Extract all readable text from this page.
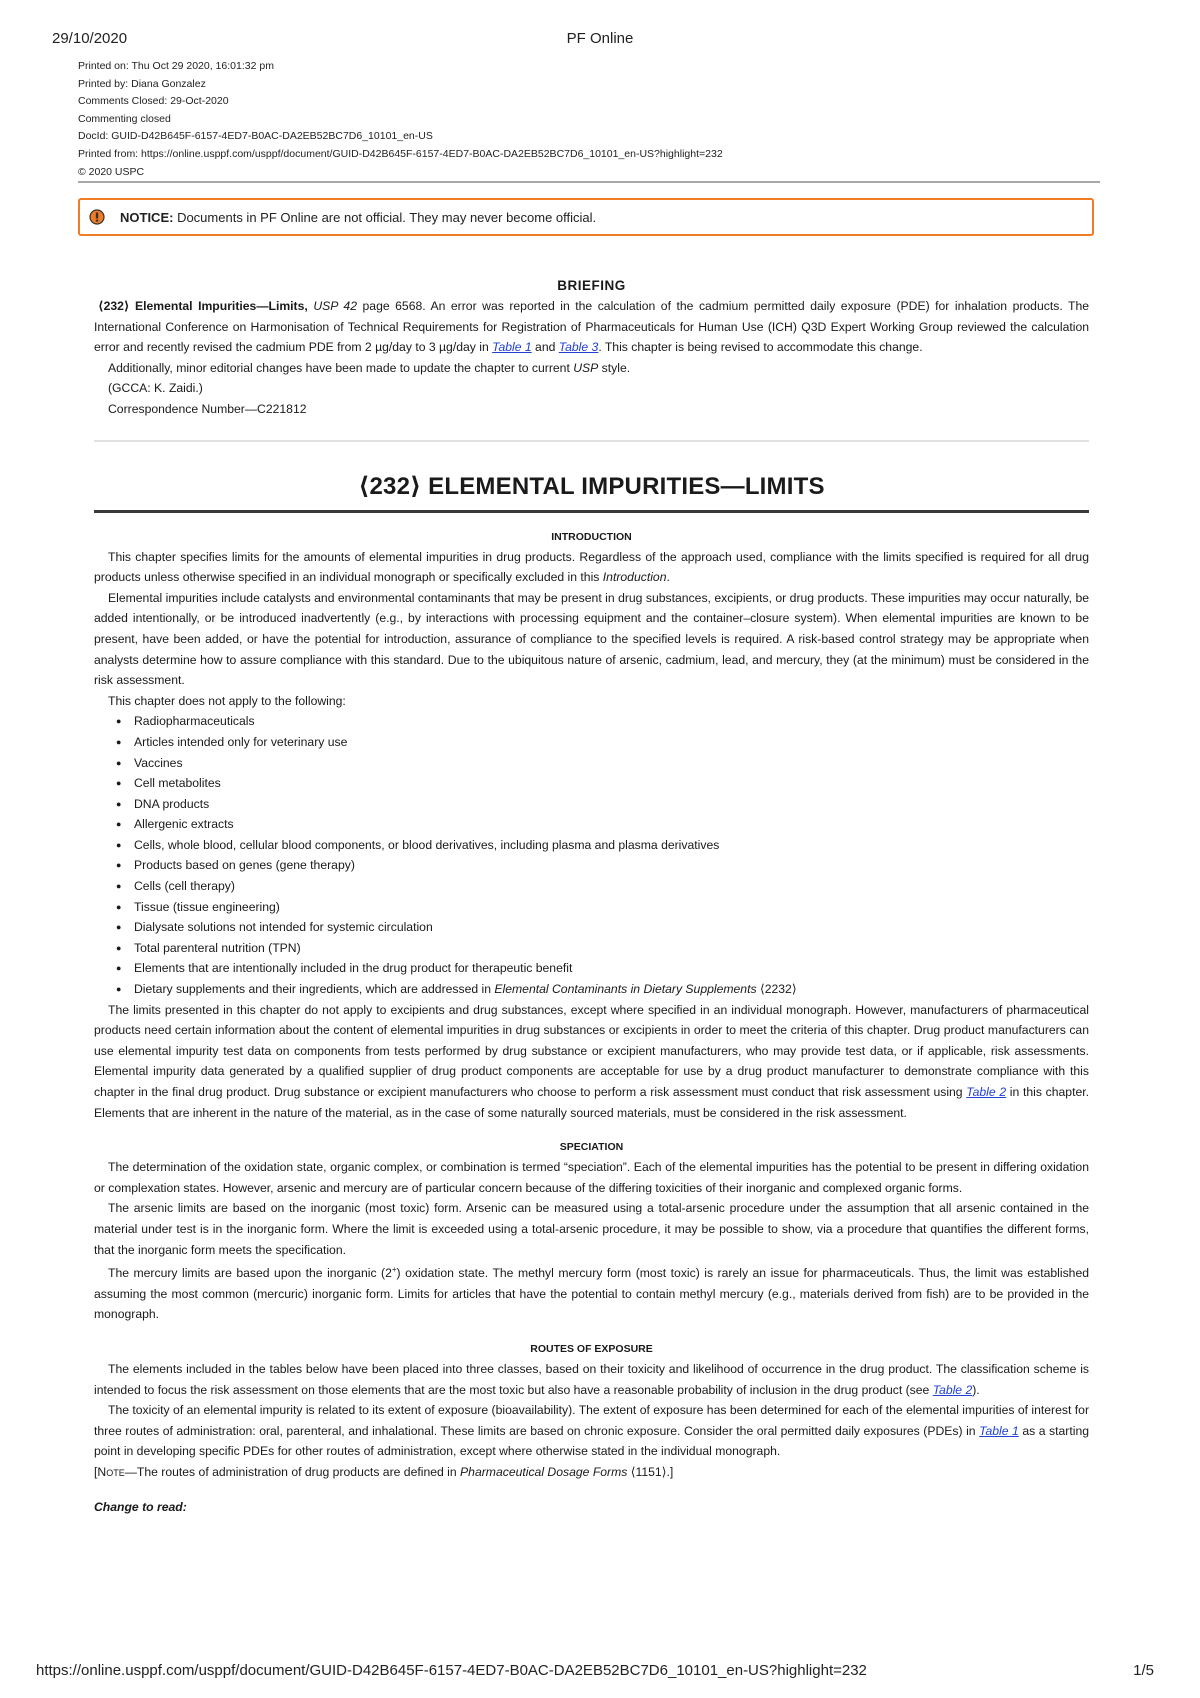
29/10/2020	PF Online
Printed on: Thu Oct 29 2020, 16:01:32 pm
Printed by: Diana Gonzalez
Comments Closed: 29-Oct-2020
Commenting closed
DocId: GUID-D42B645F-6157-4ED7-B0AC-DA2EB52BC7D6_10101_en-US
Printed from: https://online.usppf.com/usppf/document/GUID-D42B645F-6157-4ED7-B0AC-DA2EB52BC7D6_10101_en-US?highlight=232
© 2020 USPC
NOTICE: Documents in PF Online are not official. They may never become official.
BRIEFING

⟨232⟩ Elemental Impurities—Limits, USP 42 page 6568. An error was reported in the calculation of the cadmium permitted daily exposure (PDE) for inhalation products. The International Conference on Harmonisation of Technical Requirements for Registration of Pharmaceuticals for Human Use (ICH) Q3D Expert Working Group reviewed the calculation error and recently revised the cadmium PDE from 2 µg/day to 3 µg/day in Table 1 and Table 3. This chapter is being revised to accommodate this change.

Additionally, minor editorial changes have been made to update the chapter to current USP style.

(GCCA: K. Zaidi.)

Correspondence Number—C221812

⟨232⟩ ELEMENTAL IMPURITIES—LIMITS
INTRODUCTION

This chapter specifies limits for the amounts of elemental impurities in drug products. Regardless of the approach used, compliance with the limits specified is required for all drug products unless otherwise specified in an individual monograph or specifically excluded in this Introduction.

Elemental impurities include catalysts and environmental contaminants that may be present in drug substances, excipients, or drug products. These impurities may occur naturally, be added intentionally, or be introduced inadvertently (e.g., by interactions with processing equipment and the container–closure system). When elemental impurities are known to be present, have been added, or have the potential for introduction, assurance of compliance to the specified levels is required. A risk-based control strategy may be appropriate when analysts determine how to assure compliance with this standard. Due to the ubiquitous nature of arsenic, cadmium, lead, and mercury, they (at the minimum) must be considered in the risk assessment.

This chapter does not apply to the following:

● Radiopharmaceuticals
● Articles intended only for veterinary use
● Vaccines
● Cell metabolites
● DNA products
● Allergenic extracts
● Cells, whole blood, cellular blood components, or blood derivatives, including plasma and plasma derivatives
● Products based on genes (gene therapy)
● Cells (cell therapy)
● Tissue (tissue engineering)
● Dialysate solutions not intended for systemic circulation
● Total parenteral nutrition (TPN)
● Elements that are intentionally included in the drug product for therapeutic benefit
● Dietary supplements and their ingredients, which are addressed in Elemental Contaminants in Dietary Supplements ⟨2232⟩

The limits presented in this chapter do not apply to excipients and drug substances, except where specified in an individual monograph. However, manufacturers of pharmaceutical products need certain information about the content of elemental impurities in drug substances or excipients in order to meet the criteria of this chapter. Drug product manufacturers can use elemental impurity test data on components from tests performed by drug substance or excipient manufacturers, who may provide test data, or if applicable, risk assessments. Elemental impurity data generated by a qualified supplier of drug product components are acceptable for use by a drug product manufacturer to demonstrate compliance with this chapter in the final drug product. Drug substance or excipient manufacturers who choose to perform a risk assessment must conduct that risk assessment using Table 2 in this chapter. Elements that are inherent in the nature of the material, as in the case of some naturally sourced materials, must be considered in the risk assessment.

SPECIATION

The determination of the oxidation state, organic complex, or combination is termed “speciation”. Each of the elemental impurities has the potential to be present in differing oxidation or complexation states. However, arsenic and mercury are of particular concern because of the differing toxicities of their inorganic and complexed organic forms.

The arsenic limits are based on the inorganic (most toxic) form. Arsenic can be measured using a total-arsenic procedure under the assumption that all arsenic contained in the material under test is in the inorganic form. Where the limit is exceeded using a total-arsenic procedure, it may be possible to show, via a procedure that quantifies the different forms, that the inorganic form meets the specification.

The mercury limits are based upon the inorganic (2+) oxidation state. The methyl mercury form (most toxic) is rarely an issue for pharmaceuticals. Thus, the limit was established assuming the most common (mercuric) inorganic form. Limits for articles that have the potential to contain methyl mercury (e.g., materials derived from fish) are to be provided in the monograph.

ROUTES OF EXPOSURE

The elements included in the tables below have been placed into three classes, based on their toxicity and likelihood of occurrence in the drug product. The classification scheme is intended to focus the risk assessment on those elements that are the most toxic but also have a reasonable probability of inclusion in the drug product (see Table 2).

The toxicity of an elemental impurity is related to its extent of exposure (bioavailability). The extent of exposure has been determined for each of the elemental impurities of interest for three routes of administration: oral, parenteral, and inhalational. These limits are based on chronic exposure. Consider the oral permitted daily exposures (PDEs) in Table 1 as a starting point in developing specific PDEs for other routes of administration, except where otherwise stated in the individual monograph.

[Note—The routes of administration of drug products are defined in Pharmaceutical Dosage Forms ⟨1151⟩.]

Change to read:
https://online.usppf.com/usppf/document/GUID-D42B645F-6157-4ED7-B0AC-DA2EB52BC7D6_10101_en-US?highlight=232	1/5
